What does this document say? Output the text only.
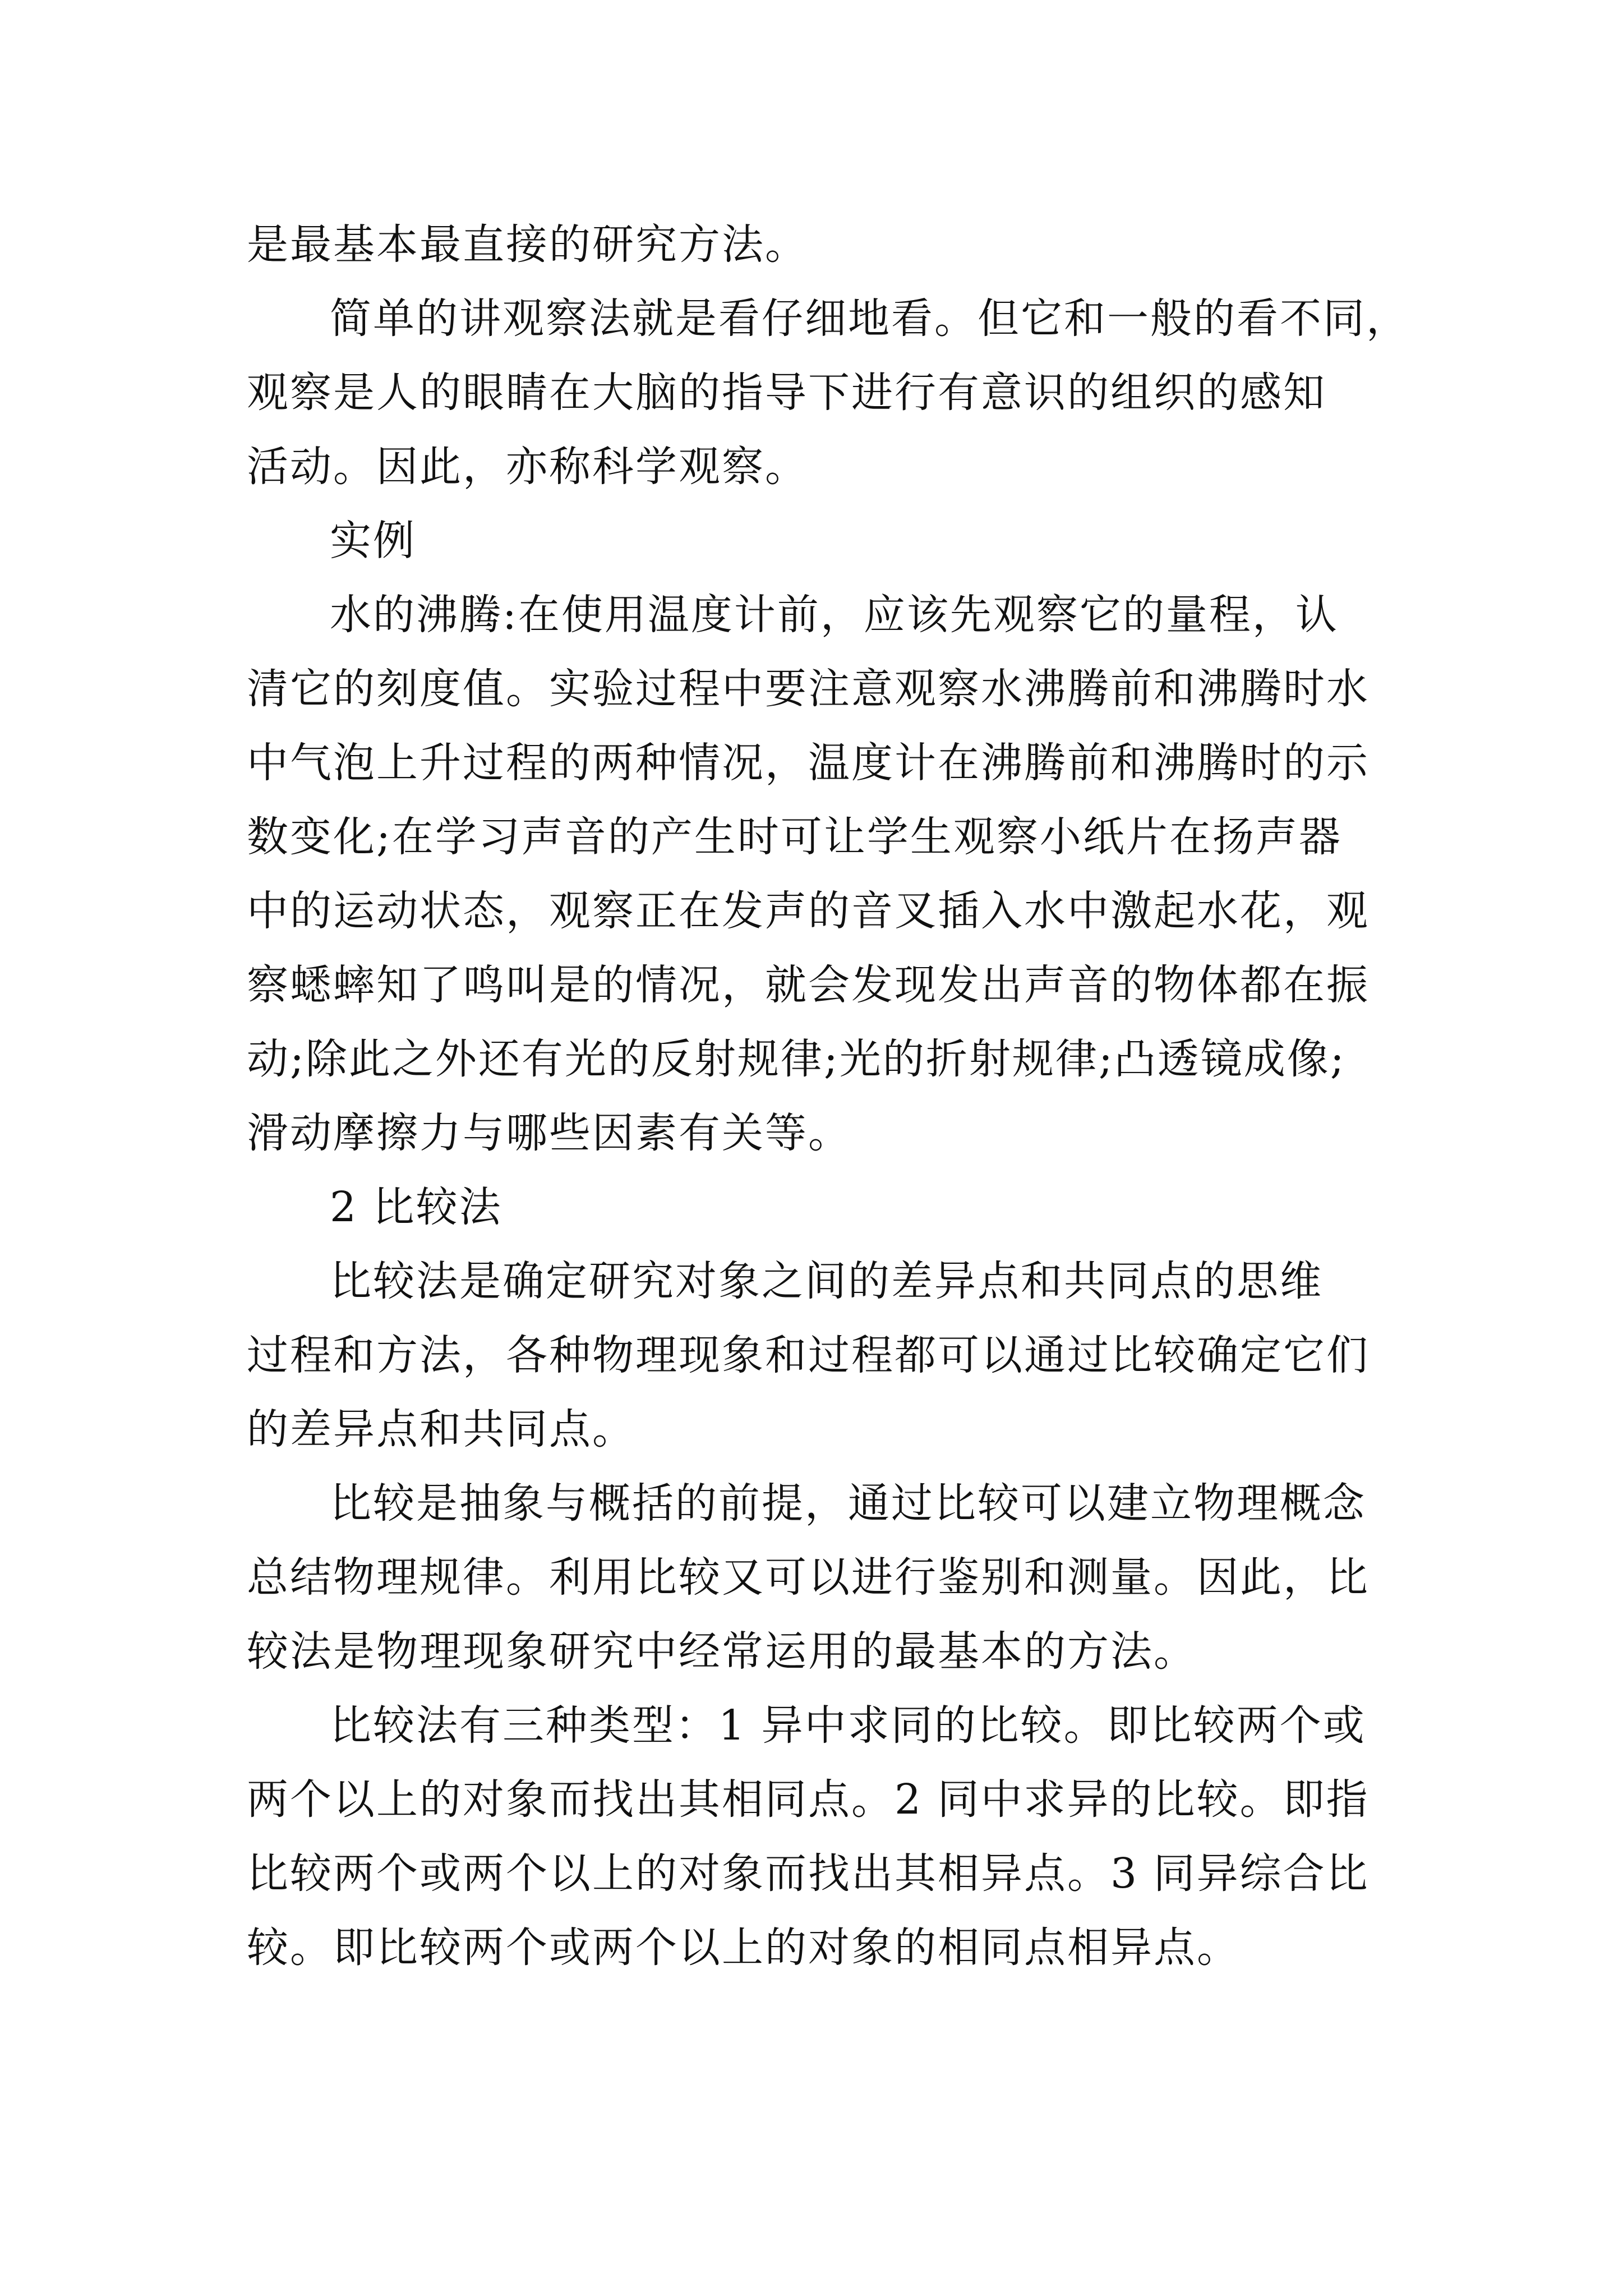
是最基本最直接的研究方法。
简单的讲观察法就是看仔细地看。但它和一般的看不同，
观察是人的眼睛在大脑的指导下进行有意识的组织的感知
活动。因此，亦称科学观察。
实例
水的沸腾:在使用温度计前，应该先观察它的量程，认
清它的刻度值。实验过程中要注意观察水沸腾前和沸腾时水
中气泡上升过程的两种情况，温度计在沸腾前和沸腾时的示
数变化;在学习声音的产生时可让学生观察小纸片在扬声器
中的运动状态，观察正在发声的音叉插入水中激起水花，观
察蟋蟀知了鸣叫是的情况，就会发现发出声音的物体都在振
动;除此之外还有光的反射规律;光的折射规律;凸透镜成像;
滑动摩擦力与哪些因素有关等。
2 比较法
比较法是确定研究对象之间的差异点和共同点的思维
过程和方法，各种物理现象和过程都可以通过比较确定它们
的差异点和共同点。
比较是抽象与概括的前提，通过比较可以建立物理概念
总结物理规律。利用比较又可以进行鉴别和测量。因此，比
较法是物理现象研究中经常运用的最基本的方法。
比较法有三种类型：1 异中求同的比较。即比较两个或
两个以上的对象而找出其相同点。2 同中求异的比较。即指
比较两个或两个以上的对象而找出其相异点。3 同异综合比
较。即比较两个或两个以上的对象的相同点相异点。
